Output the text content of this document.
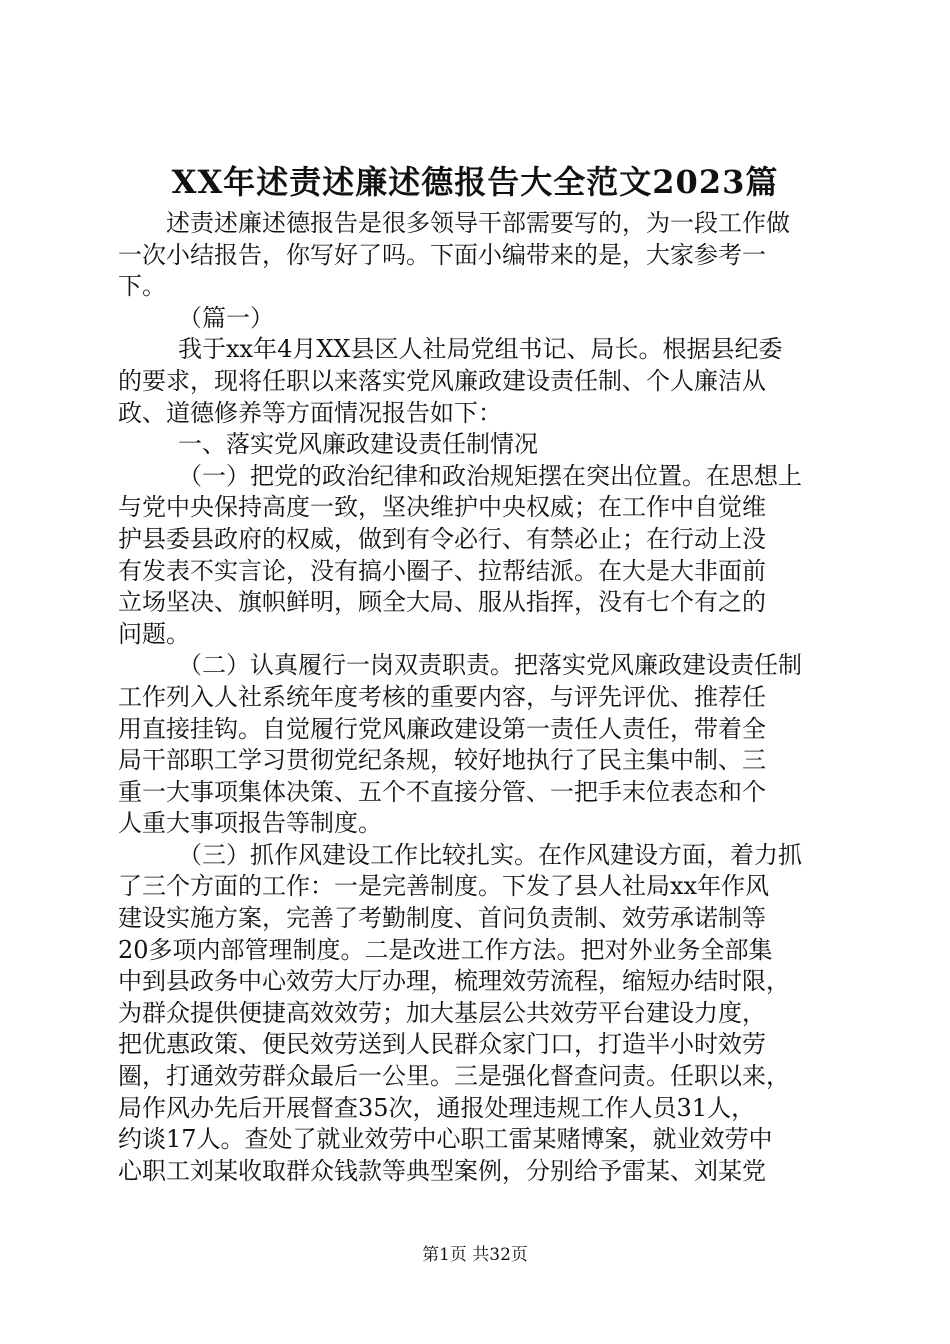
XX年述责述廉述德报告大全范文2023篇
述责述廉述德报告是很多领导干部需要写的，为一段工作做
一次小结报告，你写好了吗。下面小编带来的是，大家参考一
下。
（篇一）
我于xx年4月XX县区人社局党组书记、局长。根据县纪委
的要求，现将任职以来落实党风廉政建设责任制、个人廉洁从
政、道德修养等方面情况报告如下：
一、落实党风廉政建设责任制情况
（一）把党的政治纪律和政治规矩摆在突出位置。在思想上
与党中央保持高度一致，坚决维护中央权威；在工作中自觉维
护县委县政府的权威，做到有令必行、有禁必止；在行动上没
有发表不实言论，没有搞小圈子、拉帮结派。在大是大非面前
立场坚决、旗帜鲜明，顾全大局、服从指挥，没有七个有之的
问题。
（二）认真履行一岗双责职责。把落实党风廉政建设责任制
工作列入人社系统年度考核的重要内容，与评先评优、推荐任
用直接挂钩。自觉履行党风廉政建设第一责任人责任，带着全
局干部职工学习贯彻党纪条规，较好地执行了民主集中制、三
重一大事项集体决策、五个不直接分管、一把手末位表态和个
人重大事项报告等制度。
（三）抓作风建设工作比较扎实。在作风建设方面，着力抓
了三个方面的工作：一是完善制度。下发了县人社局xx年作风
建设实施方案，完善了考勤制度、首问负责制、效劳承诺制等
20多项内部管理制度。二是改进工作方法。把对外业务全部集
中到县政务中心效劳大厅办理，梳理效劳流程，缩短办结时限，
为群众提供便捷高效效劳；加大基层公共效劳平台建设力度，
把优惠政策、便民效劳送到人民群众家门口，打造半小时效劳
圈，打通效劳群众最后一公里。三是强化督查问责。任职以来，
局作风办先后开展督查35次，通报处理违规工作人员31人，
约谈17人。查处了就业效劳中心职工雷某赌博案，就业效劳中
心职工刘某收取群众钱款等典型案例，分别给予雷某、刘某党
第1页 共32页
